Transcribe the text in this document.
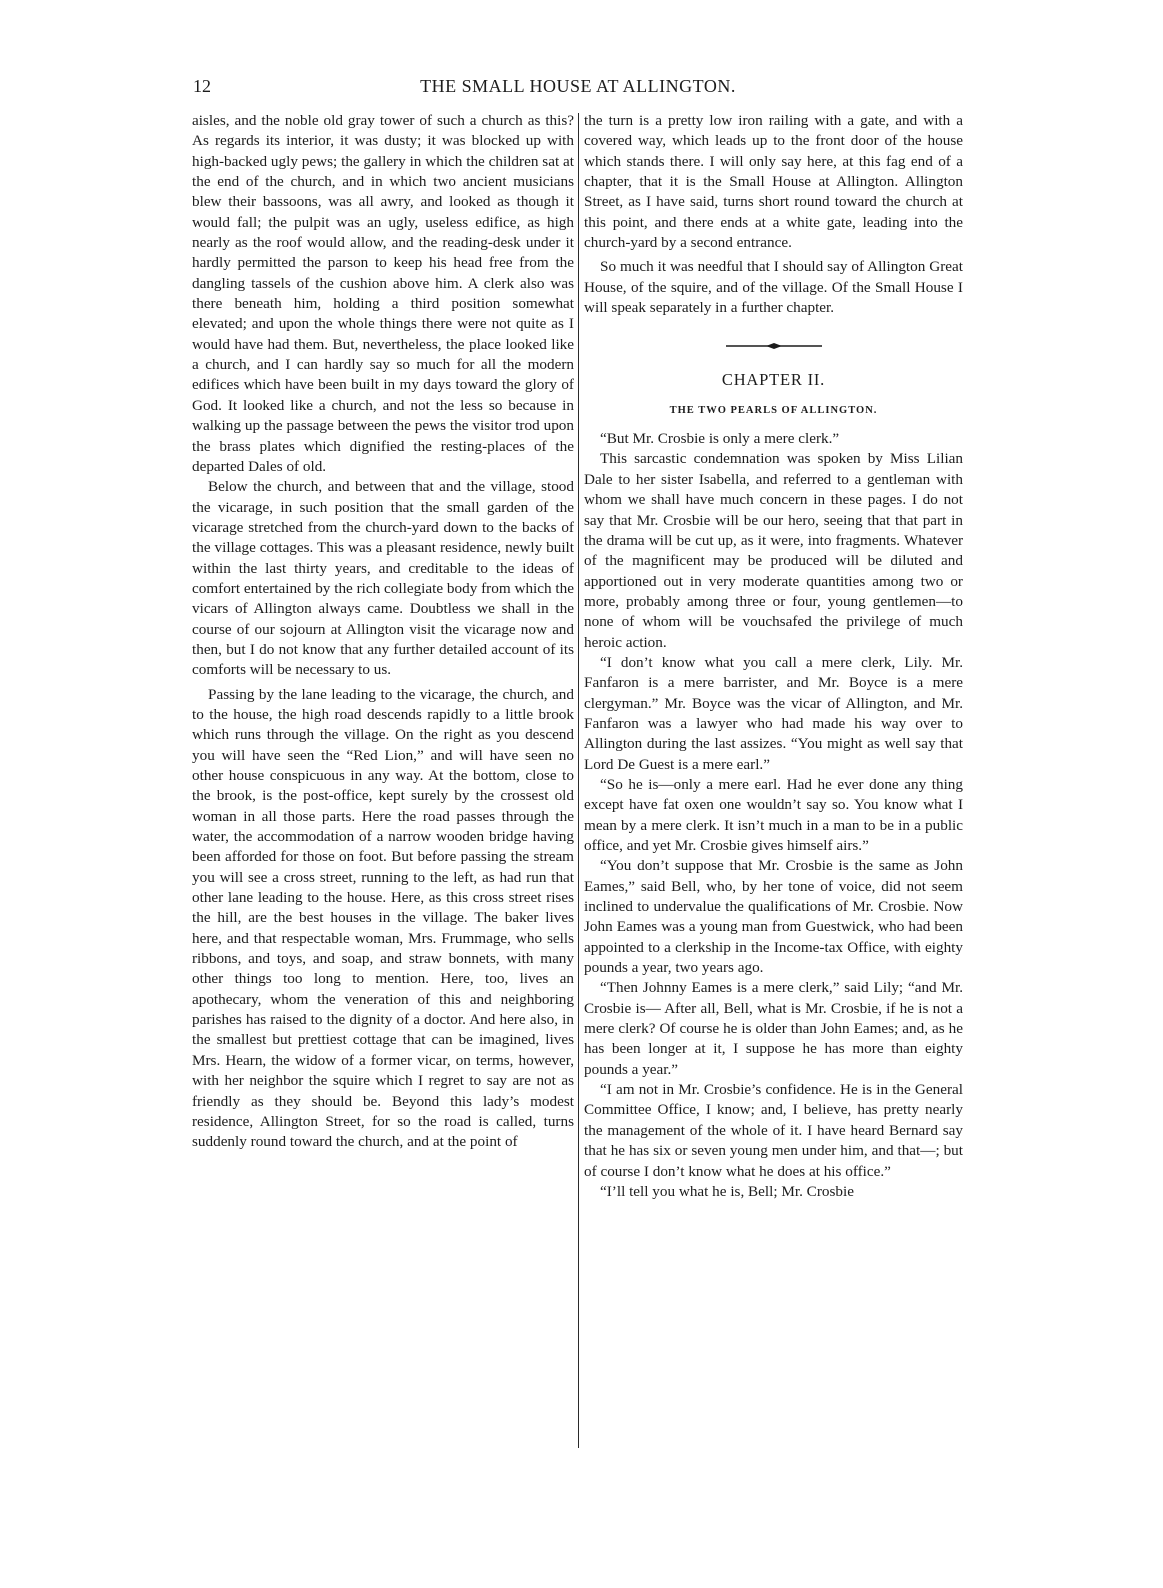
12	THE SMALL HOUSE AT ALLINGTON.

aisles, and the noble old gray tower of such a church as this? As regards its interior, it was dusty; it was blocked up with high-backed ugly pews; the gallery in which the children sat at the end of the church, and in which two ancient musicians blew their bassoons, was all awry, and looked as though it would fall; the pulpit was an ugly, useless edifice, as high nearly as the roof would allow, and the reading-desk under it hardly permitted the parson to keep his head free from the dangling tassels of the cushion above him. A clerk also was there beneath him, holding a third position somewhat elevated; and upon the whole things there were not quite as I would have had them. But, nevertheless, the place looked like a church, and I can hardly say so much for all the modern edifices which have been built in my days toward the glory of God. It looked like a church, and not the less so because in walking up the passage between the pews the visitor trod upon the brass plates which dignified the resting-places of the departed Dales of old.

Below the church, and between that and the village, stood the vicarage, in such position that the small garden of the vicarage stretched from the church-yard down to the backs of the village cottages. This was a pleasant residence, newly built within the last thirty years, and creditable to the ideas of comfort entertained by the rich collegiate body from which the vicars of Allington always came. Doubtless we shall in the course of our sojourn at Allington visit the vicarage now and then, but I do not know that any further detailed account of its comforts will be necessary to us.

Passing by the lane leading to the vicarage, the church, and to the house, the high road descends rapidly to a little brook which runs through the village. On the right as you descend you will have seen the “Red Lion,” and will have seen no other house conspicuous in any way. At the bottom, close to the brook, is the post-office, kept surely by the crossest old woman in all those parts. Here the road passes through the water, the accommodation of a narrow wooden bridge having been afforded for those on foot. But before passing the stream you will see a cross street, running to the left, as had run that other lane leading to the house. Here, as this cross street rises the hill, are the best houses in the village. The baker lives here, and that respectable woman, Mrs. Frummage, who sells ribbons, and toys, and soap, and straw bonnets, with many other things too long to mention. Here, too, lives an apothecary, whom the veneration of this and neighboring parishes has raised to the dignity of a doctor. And here also, in the smallest but prettiest cottage that can be imagined, lives Mrs. Hearn, the widow of a former vicar, on terms, however, with her neighbor the squire which I regret to say are not as friendly as they should be. Beyond this lady’s modest residence, Allington Street, for so the road is called, turns suddenly round toward the church, and at the point of

the turn is a pretty low iron railing with a gate, and with a covered way, which leads up to the front door of the house which stands there. I will only say here, at this fag end of a chapter, that it is the Small House at Allington. Allington Street, as I have said, turns short round toward the church at this point, and there ends at a white gate, leading into the church-yard by a second entrance.

So much it was needful that I should say of Allington Great House, of the squire, and of the village. Of the Small House I will speak separately in a further chapter.

CHAPTER II.
THE TWO PEARLS OF ALLINGTON.

“But Mr. Crosbie is only a mere clerk.”

This sarcastic condemnation was spoken by Miss Lilian Dale to her sister Isabella, and referred to a gentleman with whom we shall have much concern in these pages. I do not say that Mr. Crosbie will be our hero, seeing that that part in the drama will be cut up, as it were, into fragments. Whatever of the magnificent may be produced will be diluted and apportioned out in very moderate quantities among two or more, probably among three or four, young gentlemen—to none of whom will be vouchsafed the privilege of much heroic action.

“I don’t know what you call a mere clerk, Lily. Mr. Fanfaron is a mere barrister, and Mr. Boyce is a mere clergyman.” Mr. Boyce was the vicar of Allington, and Mr. Fanfaron was a lawyer who had made his way over to Allington during the last assizes. “You might as well say that Lord De Guest is a mere earl.”

“So he is—only a mere earl. Had he ever done any thing except have fat oxen one wouldn’t say so. You know what I mean by a mere clerk. It isn’t much in a man to be in a public office, and yet Mr. Crosbie gives himself airs.”

“You don’t suppose that Mr. Crosbie is the same as John Eames,” said Bell, who, by her tone of voice, did not seem inclined to undervalue the qualifications of Mr. Crosbie. Now John Eames was a young man from Guestwick, who had been appointed to a clerkship in the Income-tax Office, with eighty pounds a year, two years ago.

“Then Johnny Eames is a mere clerk,” said Lily; “and Mr. Crosbie is— After all, Bell, what is Mr. Crosbie, if he is not a mere clerk? Of course he is older than John Eames; and, as he has been longer at it, I suppose he has more than eighty pounds a year.”

“I am not in Mr. Crosbie’s confidence. He is in the General Committee Office, I know; and, I believe, has pretty nearly the management of the whole of it. I have heard Bernard say that he has six or seven young men under him, and that—; but of course I don’t know what he does at his office.”

“I’ll tell you what he is, Bell; Mr. Crosbie
